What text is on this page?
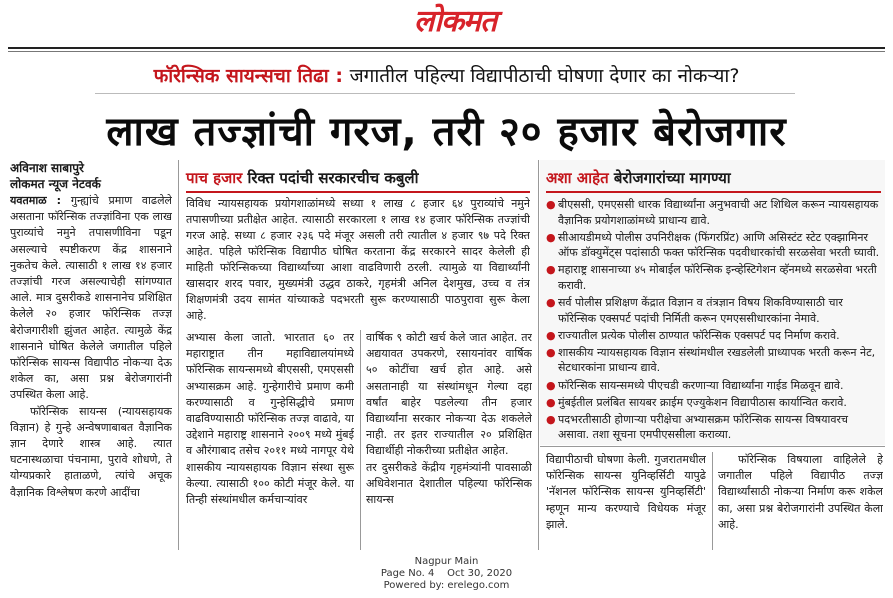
लोकमत
फॉरेन्सिक सायन्सचा तिढा : जगातील पहिल्या विद्यापीठाची घोषणा देणार का नोकऱ्या?
लाख तज्ज्ञांची गरज, तरी २० हजार बेरोजगार
अविनाश साबापुरे
लोकमत न्यूज नेटवर्क
यवतमाळ : गुन्ह्यांचे प्रमाण वाढलेले असताना फॉरेन्सिक तज्ज्ञांविना एक लाख पुराव्यांचे नमुने तपासणीविना पडून असल्याचे स्पष्टीकरण केंद्र शासनाने नुकतेच केले. त्यासाठी १ लाख १४ हजार तज्ज्ञांची गरज असल्याचेही सांगण्यात आले. मात्र दुसरीकडे शासनानेच प्रशिक्षित केलेले २० हजार फॉरेन्सिक तज्ज्ञ बेरोजगारीशी झुंजत आहेत. त्यामुळे केंद्र शासनाने घोषित केलेले जगातील पहिले फॉरेन्सिक सायन्स विद्यापीठ नोकऱ्या देऊ शकेल का, असा प्रश्न बेरोजगारांनी उपस्थित केला आहे.
फॉरेन्सिक सायन्स (न्यायसहायक विज्ञान) हे गुन्हे अन्वेषणाबाबत वैज्ञानिक ज्ञान देणारे शास्त्र आहे. त्यात घटनास्थळाचा पंचनामा, पुरावे शोधणे, ते योग्यप्रकारे हाताळणे, त्यांचे अचूक वैज्ञानिक विश्लेषण करणे आदींचा
पाच हजार रिक्त पदांची सरकारचीच कबुली
विविध न्यायसहायक प्रयोगशाळांमध्ये सध्या १ लाख ८ हजार ६४ पुराव्यांचे नमुने तपासणीच्या प्रतीक्षेत आहेत. त्यासाठी सरकारला १ लाख १४ हजार फॉरेन्सिक तज्ज्ञांची गरज आहे. सध्या ८ हजार २३६ पदे मंजूर असली तरी त्यातील ४ हजार ९७ पदे रिक्त आहेत. पहिले फॉरेन्सिक विद्यापीठ घोषित करताना केंद्र सरकारने सादर केलेली ही माहिती फॉरेन्सिकच्या विद्यार्थ्यांच्या आशा वाढविणारी ठरली. त्यामुळे या विद्यार्थ्यांनी खासदार शरद पवार, मुख्यमंत्री उद्धव ठाकरे, गृहमंत्री अनिल देशमुख, उच्च व तंत्र शिक्षणमंत्री उदय सामंत यांच्याकडे पदभरती सुरू करण्यासाठी पाठपुरावा सुरू केला आहे.
अभ्यास केला जातो. भारतात ६० तर महाराष्ट्रात तीन महाविद्यालयांमध्ये फॉरेन्सिक सायन्समध्ये बीएससी, एमएससी अभ्यासक्रम आहे. गुन्हेगारीचे प्रमाण कमी करण्यासाठी व गुन्हेसिद्धीचे प्रमाण वाढविण्यासाठी फॉरेन्सिक तज्ज्ञ वाढावे, या उद्देशाने महाराष्ट्र शासनाने २००९ मध्ये मुंबई व औरंगाबाद तसेच २०११ मध्ये नागपूर येथे शासकीय न्यायसहायक विज्ञान संस्था सुरू केल्या. त्यासाठी १०० कोटी मंजूर केले. या तिन्ही संस्थांमधील कर्मचाऱ्यांवर
वार्षिक ९ कोटी खर्च केले जात आहेत. तर अद्ययावत उपकरणे, रसायनांवर वार्षिक ५० कोटींचा खर्च होत आहे. असे असतानाही या संस्थांमधून गेल्या दहा वर्षांत बाहेर पडलेल्या तीन हजार विद्यार्थ्यांना सरकार नोकऱ्या देऊ शकलेले नाही. तर इतर राज्यातील २० प्रशिक्षित विद्यार्थीही नोकरीच्या प्रतीक्षेत आहेत.
तर दुसरीकडे केंद्रीय गृहमंत्र्यांनी पावसाळी अधिवेशनात देशातील पहिल्या फॉरेन्सिक सायन्स
अशा आहेत बेरोजगारांच्या मागण्या
● बीएससी, एमएससी धारक विद्यार्थ्यांना अनुभवाची अट शिथिल करून न्यायसहायक वैज्ञानिक प्रयोगशाळांमध्ये प्राधान्य द्यावे.
● सीआयडीमध्ये पोलीस उपनिरीक्षक (फिंगरप्रिंट) आणि असिस्टंट स्टेट एक्झामिनर ऑफ डॉक्युमेंट्स पदांसाठी फक्त फॉरेन्सिक पदवीधारकांची सरळसेवा भरती घ्यावी.
● महाराष्ट्र शासनाच्या ४५ मोबाईल फॉरेन्सिक इन्व्हेस्टिगेशन व्हॅनमध्ये सरळसेवा भरती करावी.
● सर्व पोलीस प्रशिक्षण केंद्रात विज्ञान व तंत्रज्ञान विषय शिकविण्यासाठी चार फॉरेन्सिक एक्सपर्ट पदांची निर्मिती करून एमएससीधारकांना नेमावे.
● राज्यातील प्रत्येक पोलीस ठाण्यात फॉरेन्सिक एक्सपर्ट पद निर्माण करावे.
● शासकीय न्यायसहायक विज्ञान संस्थांमधील रखडलेली प्राध्यापक भरती करून नेट, सेटधारकांना प्राधान्य द्यावे.
● फॉरेन्सिक सायन्समध्ये पीएचडी करणाऱ्या विद्यार्थ्यांना गाईड मिळवून द्यावे.
● मुंबईतील प्रलंबित सायबर क्राईम एज्युकेशन विद्यापीठास कार्यान्वित करावे.
● पदभरतीसाठी होणाऱ्या परीक्षेचा अभ्यासक्रम फॉरेन्सिक सायन्स विषयावरच असावा. तशा सूचना एमपीएससीला कराव्या.
विद्यापीठाची घोषणा केली. गुजरातमधील फॉरेन्सिक सायन्स युनिव्हर्सिटी यापुढे 'नॅशनल फॉरेन्सिक सायन्स युनिव्हर्सिटी' म्हणून मान्य करण्याचे विधेयक मंजूर झाले.
फॉरेन्सिक विषयाला वाहिलेले हे जगातील पहिले विद्यापीठ तज्ज्ञ विद्यार्थ्यांसाठी नोकऱ्या निर्माण करू शकेल का, असा प्रश्न बेरोजगारांनी उपस्थित केला आहे.
Nagpur Main
Page No. 4    Oct 30, 2020
Powered by: erelego.com
